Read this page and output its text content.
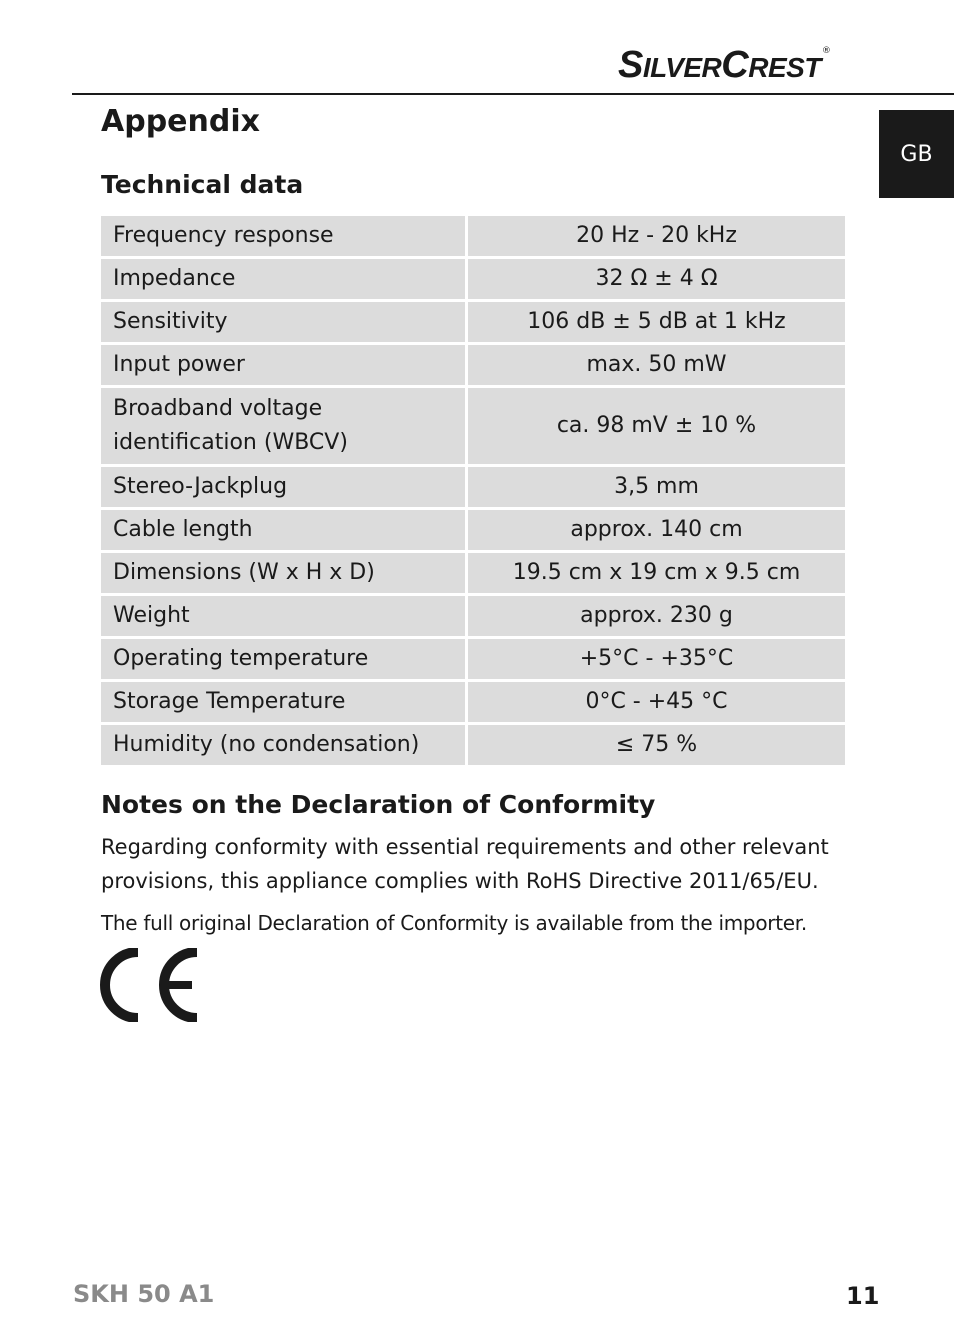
SILVERCREST®
GB
Appendix
Technical data
Frequency response	20 Hz - 20 kHz
Impedance	32 Ω ± 4 Ω
Sensitivity	106 dB ± 5 dB at 1 kHz
Input power	max. 50 mW
Broadband voltage identification (WBCV)	ca. 98 mV ± 10 %
Stereo-Jackplug	3,5 mm
Cable length	approx. 140 cm
Dimensions (W x H x D)	19.5 cm x 19 cm x 9.5 cm
Weight	approx. 230 g
Operating temperature	+5°C - +35°C
Storage Temperature	0°C - +45 °C
Humidity (no condensation)	≤ 75 %
Notes on the Declaration of Conformity

Regarding conformity with essential requirements and other relevant provisions, this appliance complies with RoHS Directive 2011/65/EU.

The full original Declaration of Conformity is available from the importer.

SKH 50 A1	11
